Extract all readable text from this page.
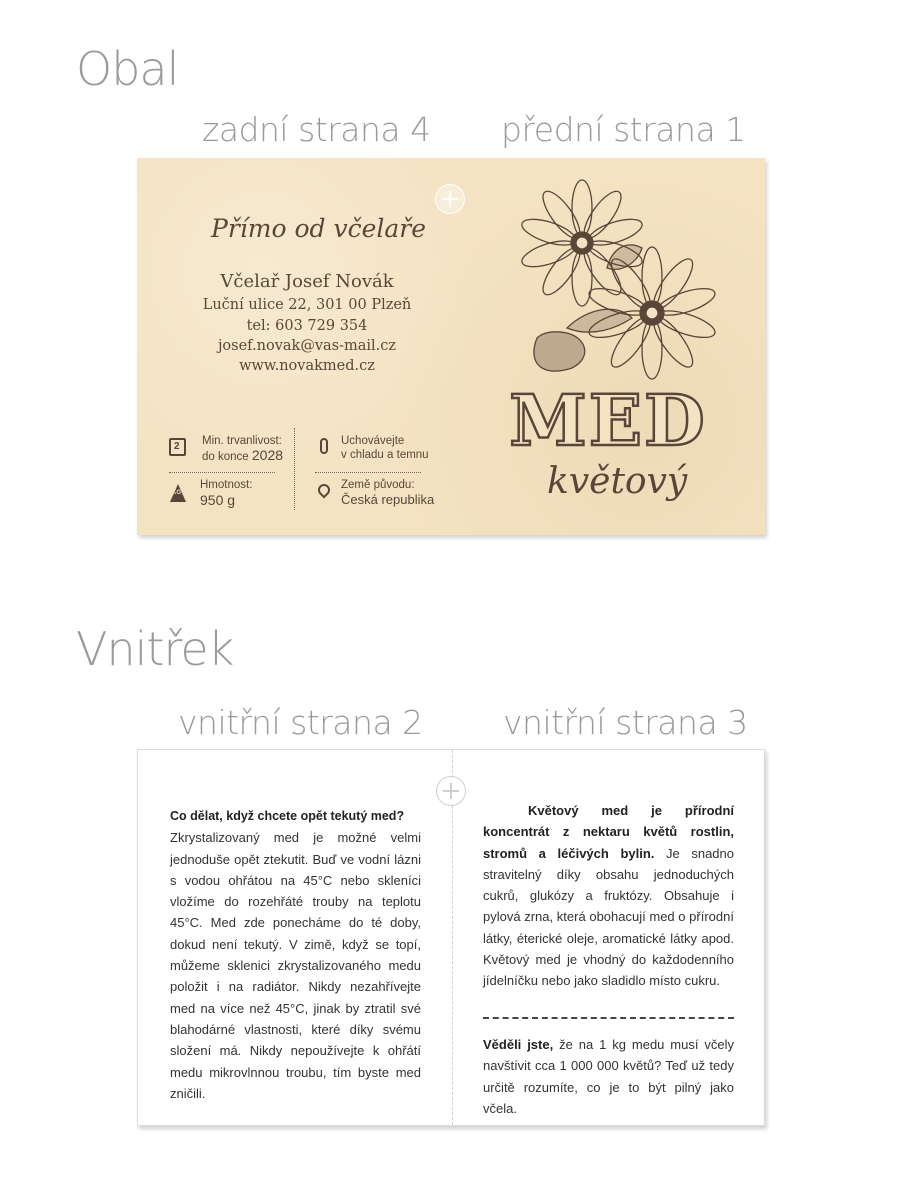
Obal
zadní strana 4 přední strana 1
Přímo od včelaře
Včelař Josef Novák
Luční ulice 22, 301 00 Plzeň
tel: 603 729 354
josef.novak@vas-mail.cz
www.novakmed.cz
2 Min. trvanlivost:
do konce 2028
Uchovávejte
v chladu a temnu
KG
Hmotnost:
950 g
Země původu:
Česká republika
MED
květový
Vnitřek
vnitřní strana 2 vnitřní strana 3
Co dělat, když chcete opět tekutý med?
Zkrystalizovaný med je možné velmi jednoduše opět ztekutit. Buď ve vodní lázni s vodou ohřátou na 45°C nebo skleníci vložíme do rozehřáté trouby na teplotu 45°C. Med zde ponecháme do té doby, dokud není tekutý. V zimě, když se topí, můžeme sklenici zkrystalizovaného medu položit i na radiátor. Nikdy nezahřívejte med na více než 45°C, jinak by ztratil své blahodárné vlastnosti, které díky svému složení má. Nikdy nepoužívejte k ohřátí medu mikrovlnnou troubu, tím byste med zničili.
Květový med je přírodní koncentrát z nektaru květů rostlin, stromů a léčivých bylin. Je snadno stravitelný díky obsahu jednoduchých cukrů, glukózy a fruktózy. Obsahuje i pylová zrna, která obohacují med o přírodní látky, éterické oleje, aromatické látky apod. Květový med je vhodný do každodenního jídelníčku nebo jako sladidlo místo cukru.
Věděli jste, že na 1 kg medu musí včely navštívit cca 1 000 000 květů? Teď už tedy určitě rozumíte, co je to být pilný jako včela.
